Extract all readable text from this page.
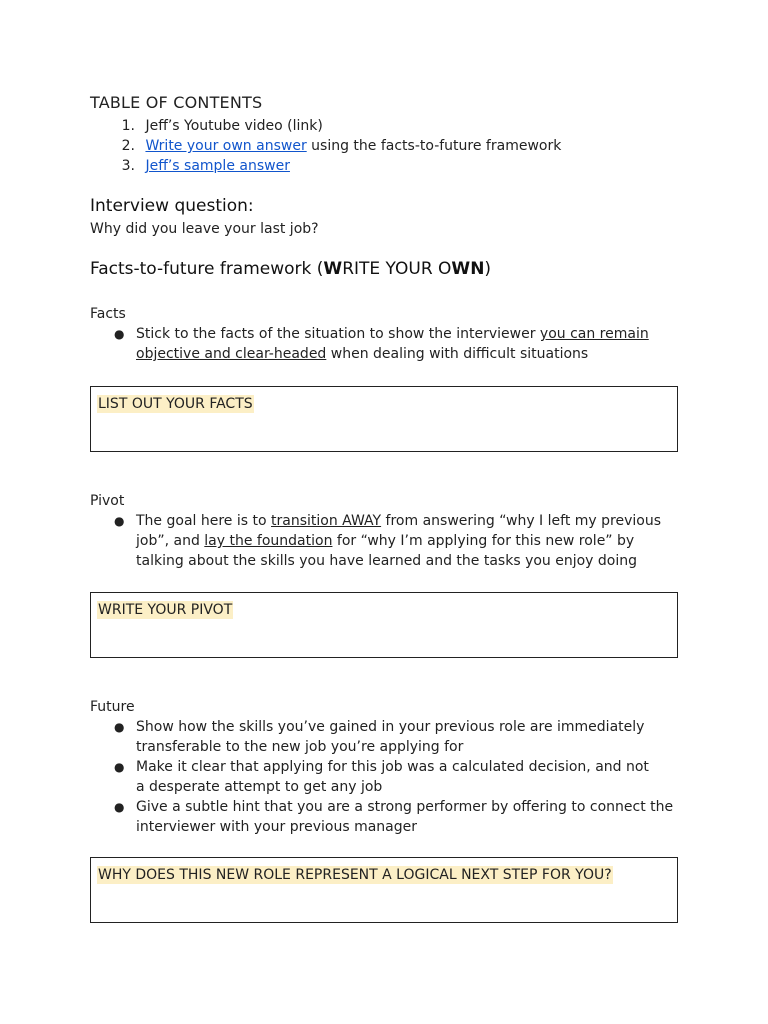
TABLE OF CONTENTS
1. Jeff’s Youtube video (link)
2. Write your own answer using the facts-to-future framework
3. Jeff’s sample answer
Interview question:

Why did you leave your last job?

Facts-to-future framework (WRITE YOUR OWN)

Facts

● Stick to the facts of the situation to show the interviewer you can remain objective and clear-headed when dealing with difficult situations
LIST OUT YOUR FACTS

Pivot

● The goal here is to transition AWAY from answering “why I left my previous job”, and lay the foundation for “why I’m applying for this new role” by talking about the skills you have learned and the tasks you enjoy doing
WRITE YOUR PIVOT

Future

● Show how the skills you’ve gained in your previous role are immediately transferable to the new job you’re applying for
● Make it clear that applying for this job was a calculated decision, and not a desperate attempt to get any job
● Give a subtle hint that you are a strong performer by offering to connect the interviewer with your previous manager
WHY DOES THIS NEW ROLE REPRESENT A LOGICAL NEXT STEP FOR YOU?
